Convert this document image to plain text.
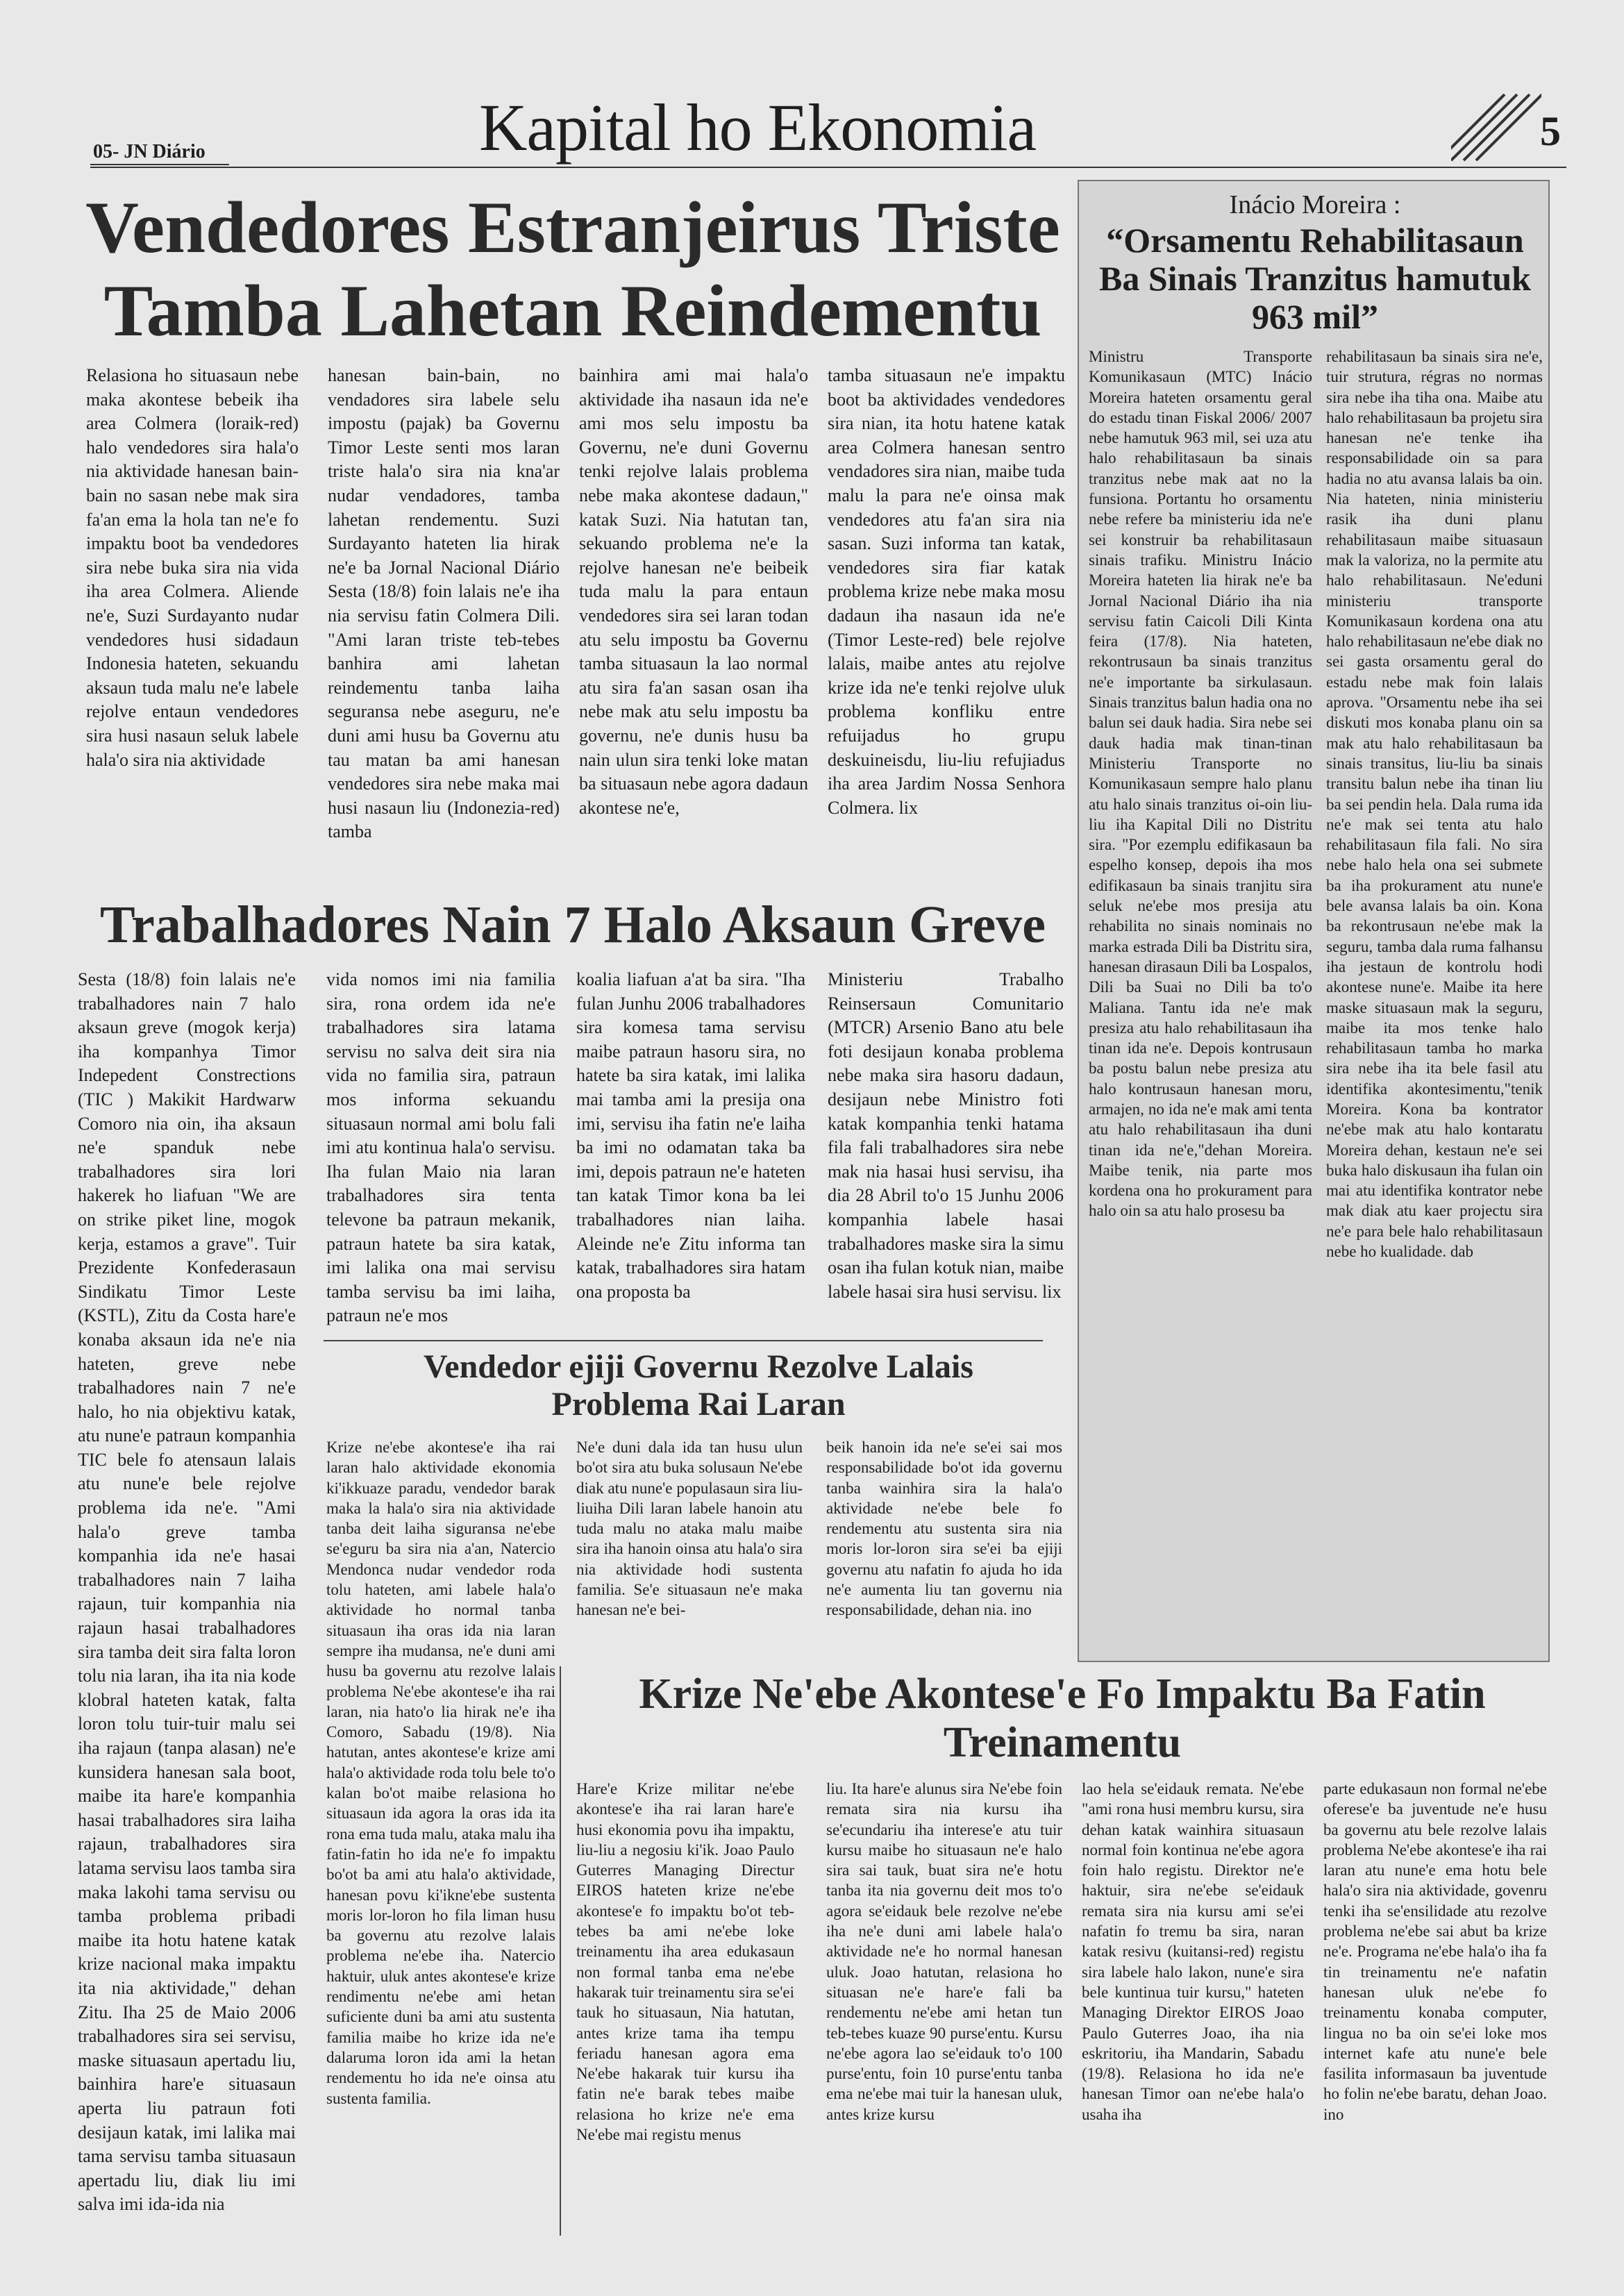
05- JN Diário	Kapital ho Ekonomia	5
Vendedores Estranjeirus Triste
Tamba Lahetan Reindementu
Relasiona ho situasaun nebe maka akontese bebeik iha area Colmera (loraik-red) halo vendedores sira hala'o nia aktividade hanesan bain-bain no sasan nebe mak sira fa'an ema la hola tan ne'e fo impaktu boot ba vendedores sira nebe buka sira nia vida iha area Colmera. Aliende ne'e, Suzi Surdayanto nudar vendedores husi sidadaun Indonesia hateten, sekuandu aksaun tuda malu ne'e labele rejolve entaun vendedores sira husi nasaun seluk labele hala'o sira nia aktividade
hanesan bain-bain, no vendadores sira labele selu impostu (pajak) ba Governu Timor Leste senti mos laran triste hala'o sira nia kna'ar nudar vendadores, tamba lahetan rendementu. Suzi Surdayanto hateten lia hirak ne'e ba Jornal Nacional Diário Sesta (18/8) foin lalais ne'e iha nia servisu fatin Colmera Dili. "Ami laran triste teb-tebes banhira ami lahetan reindementu tanba laiha seguransa nebe aseguru, ne'e duni ami husu ba Governu atu tau matan ba ami hanesan vendedores sira nebe maka mai husi nasaun liu (Indonezia-red) tamba
bainhira ami mai hala'o aktividade iha nasaun ida ne'e ami mos selu impostu ba Governu, ne'e duni Governu tenki rejolve lalais problema nebe maka akontese dadaun," katak Suzi. Nia hatutan tan, sekuando problema ne'e la rejolve hanesan ne'e beibeik tuda malu la para entaun vendedores sira sei laran todan atu selu impostu ba Governu tamba situasaun la lao normal atu sira fa'an sasan osan iha nebe mak atu selu impostu ba governu, ne'e dunis husu ba nain ulun sira tenki loke matan ba situasaun nebe agora dadaun akontese ne'e,
tamba situasaun ne'e impaktu boot ba aktividades vendedores sira nian, ita hotu hatene katak area Colmera hanesan sentro vendadores sira nian, maibe tuda malu la para ne'e oinsa mak vendedores atu fa'an sira nia sasan. Suzi informa tan katak, vendedores sira fiar katak problema krize nebe maka mosu dadaun iha nasaun ida ne'e (Timor Leste-red) bele rejolve lalais, maibe antes atu rejolve krize ida ne'e tenki rejolve uluk problema konfliku entre refuijadus ho grupu deskuineisdu, liu-liu refujiadus iha area Jardim Nossa Senhora Colmera. lix
Trabalhadores Nain 7 Halo Aksaun Greve
Sesta (18/8) foin lalais ne'e trabalhadores nain 7 halo aksaun greve (mogok kerja) iha kompanhya Timor Indepedent Constrections (TIC ) Makikit Hardwarw Comoro nia oin, iha aksaun ne'e spanduk nebe trabalhadores sira lori hakerek ho liafuan "We are on strike piket line, mogok kerja, estamos a grave". Tuir Prezidente Konfederasaun Sindikatu Timor Leste (KSTL), Zitu da Costa hare'e konaba aksaun ida ne'e nia hateten, greve nebe trabalhadores nain 7 ne'e halo, ho nia objektivu katak, atu nune'e patraun kompanhia TIC bele fo atensaun lalais atu nune'e bele rejolve problema ida ne'e. "Ami hala'o greve tamba kompanhia ida ne'e hasai trabalhadores nain 7 laiha rajaun, tuir kompanhia nia rajaun hasai trabalhadores sira tamba deit sira falta loron tolu nia laran, iha ita nia kode klobral hateten katak, falta loron tolu tuir-tuir malu sei iha rajaun (tanpa alasan) ne'e kunsidera hanesan sala boot, maibe ita hare'e kompanhia hasai trabalhadores sira laiha rajaun, trabalhadores sira latama servisu laos tamba sira maka lakohi tama servisu ou tamba problema pribadi maibe ita hotu hatene katak krize nacional maka impaktu ita nia aktividade," dehan Zitu. Iha 25 de Maio 2006 trabalhadores sira sei servisu, maske situasaun apertadu liu, bainhira hare'e situasaun aperta liu patraun foti desijaun katak, imi lalika mai tama servisu tamba situasaun apertadu liu, diak liu imi salva imi ida-ida nia
vida nomos imi nia familia sira, rona ordem ida ne'e trabalhadores sira latama servisu no salva deit sira nia vida no familia sira, patraun mos informa sekuandu situasaun normal ami bolu fali imi atu kontinua hala'o servisu. Iha fulan Maio nia laran trabalhadores sira tenta televone ba patraun mekanik, patraun hatete ba sira katak, imi lalika ona mai servisu tamba servisu ba imi laiha, patraun ne'e mos
koalia liafuan a'at ba sira. "Iha fulan Junhu 2006 trabalhadores sira komesa tama servisu maibe patraun hasoru sira, no hatete ba sira katak, imi lalika mai tamba ami la presija ona imi, servisu iha fatin ne'e laiha ba imi no odamatan taka ba imi, depois patraun ne'e hateten tan katak Timor kona ba lei trabalhadores nian laiha. Aleinde ne'e Zitu informa tan katak, trabalhadores sira hatam ona proposta ba
Ministeriu Trabalho Reinsersaun Comunitario (MTCR) Arsenio Bano atu bele foti desijaun konaba problema nebe maka sira hasoru dadaun, desijaun nebe Ministro foti katak kompanhia tenki hatama fila fali trabalhadores sira nebe mak nia hasai husi servisu, iha dia 28 Abril to'o 15 Junhu 2006 kompanhia labele hasai trabalhadores maske sira la simu osan iha fulan kotuk nian, maibe labele hasai sira husi servisu. lix
Vendedor ejiji Governu Rezolve Lalais
Problema Rai Laran
Krize ne'ebe akontese'e iha rai laran halo aktividade ekonomia ki'ikkuaze paradu, vendedor barak maka la hala'o sira nia aktividade tanba deit laiha siguransa ne'ebe se'eguru ba sira nia a'an, Natercio Mendonca nudar vendedor roda tolu hateten, ami labele hala'o aktividade ho normal tanba situasaun iha oras ida nia laran sempre iha mudansa, ne'e duni ami husu ba governu atu rezolve lalais problema Ne'ebe akontese'e iha rai laran, nia hato'o lia hirak ne'e iha Comoro, Sabadu (19/8). Nia hatutan, antes akontese'e krize ami hala'o aktividade roda tolu bele to'o kalan bo'ot maibe relasiona ho situasaun ida agora la oras ida ita rona ema tuda malu, ataka malu iha fatin-fatin ho ida ne'e fo impaktu bo'ot ba ami atu hala'o aktividade, hanesan povu ki'ikne'ebe sustenta moris lor-loron ho fila liman husu ba governu atu rezolve lalais problema ne'ebe iha. Natercio haktuir, uluk antes akontese'e krize rendimentu ne'ebe ami hetan suficiente duni ba ami atu sustenta familia maibe ho krize ida ne'e dalaruma loron ida ami la hetan rendementu ho ida ne'e oinsa atu sustenta familia.
Ne'e duni dala ida tan husu ulun bo'ot sira atu buka solusaun Ne'ebe diak atu nune'e populasaun sira liu-liuiha Dili laran labele hanoin atu tuda malu no ataka malu maibe sira iha hanoin oinsa atu hala'o sira nia aktividade hodi sustenta familia. Se'e situasaun ne'e maka hanesan ne'e bei-
beik hanoin ida ne'e se'ei sai mos responsabilidade bo'ot ida governu tanba wainhira sira la hala'o aktividade ne'ebe bele fo rendementu atu sustenta sira nia moris lor-loron sira se'ei ba ejiji governu atu nafatin fo ajuda ho ida ne'e aumenta liu tan governu nia responsabilidade, dehan nia. ino
Krize Ne'ebe Akontese'e Fo Impaktu Ba Fatin
Treinamentu
Hare'e Krize militar ne'ebe akontese'e iha rai laran hare'e husi ekonomia povu iha impaktu, liu-liu a negosiu ki'ik. Joao Paulo Guterres Managing Directur EIROS hateten krize ne'ebe akontese'e fo impaktu bo'ot teb-tebes ba ami ne'ebe loke treinamentu iha area edukasaun non formal tanba ema ne'ebe hakarak tuir treinamentu sira se'ei tauk ho situasaun, Nia hatutan, antes krize tama iha tempu feriadu hanesan agora ema Ne'ebe hakarak tuir kursu iha fatin ne'e barak tebes maibe relasiona ho krize ne'e ema Ne'ebe mai registu menus
liu. Ita hare'e alunus sira Ne'ebe foin remata sira nia kursu iha se'ecundariu iha interese'e atu tuir kursu maibe ho situasaun ne'e halo sira sai tauk, buat sira ne'e hotu tanba ita nia governu deit mos to'o agora se'eidauk bele rezolve ne'ebe iha ne'e duni ami labele hala'o aktividade ne'e ho normal hanesan uluk. Joao hatutan, relasiona ho situasan ne'e hare'e fali ba rendementu ne'ebe ami hetan tun teb-tebes kuaze 90 purse'entu. Kursu ne'ebe agora lao se'eidauk to'o 100 purse'entu, foin 10 purse'entu tanba ema ne'ebe mai tuir la hanesan uluk, antes krize kursu
lao hela se'eidauk remata. Ne'ebe "ami rona husi membru kursu, sira dehan katak wainhira situasaun normal foin kontinua ne'ebe agora foin halo registu. Direktor ne'e haktuir, sira ne'ebe se'eidauk remata sira nia kursu ami se'ei nafatin fo tremu ba sira, naran katak resivu (kuitansi-red) registu sira labele halo lakon, nune'e sira bele kuntinua tuir kursu," hateten Managing Direktor EIROS Joao Paulo Guterres Joao, iha nia eskritoriu, iha Mandarin, Sabadu (19/8). Relasiona ho ida ne'e hanesan Timor oan ne'ebe hala'o usaha iha
parte edukasaun non formal ne'ebe oferese'e ba juventude ne'e husu ba governu atu bele rezolve lalais problema Ne'ebe akontese'e iha rai laran atu nune'e ema hotu bele hala'o sira nia aktividade, govenru tenki iha se'ensilidade atu rezolve problema ne'ebe sai abut ba krize ne'e. Programa ne'ebe hala'o iha fa tin treinamentu ne'e nafatin hanesan uluk ne'ebe fo treinamentu konaba computer, lingua no ba oin se'ei loke mos internet kafe atu nune'e bele fasilita informasaun ba juventude ho folin ne'ebe baratu, dehan Joao. ino
Inácio Moreira :
“Orsamentu Rehabilitasaun Ba Sinais Tranzitus hamutuk 963 mil”
Ministru Transporte Komunikasaun (MTC) Inácio Moreira hateten orsamentu geral do estadu tinan Fiskal 2006/ 2007 nebe hamutuk 963 mil, sei uza atu halo rehabilitasaun ba sinais tranzitus nebe mak aat no la funsiona. Portantu ho orsamentu nebe refere ba ministeriu ida ne'e sei konstruir ba rehabilitasaun sinais trafiku. Ministru Inácio Moreira hateten lia hirak ne'e ba Jornal Nacional Diário iha nia servisu fatin Caicoli Dili Kinta feira (17/8). Nia hateten, rekontrusaun ba sinais tranzitus ne'e importante ba sirkulasaun. Sinais tranzitus balun hadia ona no balun sei dauk hadia. Sira nebe sei dauk hadia mak tinan-tinan Ministeriu Transporte no Komunikasaun sempre halo planu atu halo sinais tranzitus oi-oin liu-liu iha Kapital Dili no Distritu sira. "Por ezemplu edifikasaun ba espelho konsep, depois iha mos edifikasaun ba sinais tranjitu sira seluk ne'ebe mos presija atu rehabilita no sinais nominais no marka estrada Dili ba Distritu sira, hanesan dirasaun Dili ba Lospalos, Dili ba Suai no Dili ba to'o Maliana. Tantu ida ne'e mak presiza atu halo rehabilitasaun iha tinan ida ne'e. Depois kontrusaun ba postu balun nebe presiza atu halo kontrusaun hanesan moru, armajen, no ida ne'e mak ami tenta atu halo rehabilitasaun iha duni tinan ida ne'e,"dehan Moreira. Maibe tenik, nia parte mos kordena ona ho prokurament para halo oin sa atu halo prosesu ba
rehabilitasaun ba sinais sira ne'e, tuir strutura, régras no normas sira nebe iha tiha ona. Maibe atu halo rehabilitasaun ba projetu sira hanesan ne'e tenke iha responsabilidade oin sa para hadia no atu avansa lalais ba oin. Nia hateten, ninia ministeriu rasik iha duni planu rehabilitasaun maibe situasaun mak la valoriza, no la permite atu halo rehabilitasaun. Ne'eduni ministeriu transporte Komunikasaun kordena ona atu halo rehabilitasaun ne'ebe diak no sei gasta orsamentu geral do estadu nebe mak foin lalais aprova. "Orsamentu nebe iha sei diskuti mos konaba planu oin sa mak atu halo rehabilitasaun ba sinais transitus, liu-liu ba sinais transitu balun nebe iha tinan liu ba sei pendin hela. Dala ruma ida ne'e mak sei tenta atu halo rehabilitasaun fila fali. No sira nebe halo hela ona sei submete ba iha prokurament atu nune'e bele avansa lalais ba oin. Kona ba rekontrusaun ne'ebe mak la seguru, tamba dala ruma falhansu iha jestaun de kontrolu hodi akontese nune'e. Maibe ita here maske situasaun mak la seguru, maibe ita mos tenke halo rehabilitasaun tamba ho marka sira nebe iha ita bele fasil atu identifika akontesimentu,"tenik Moreira. Kona ba kontrator ne'ebe mak atu halo kontaratu Moreira dehan, kestaun ne'e sei buka halo diskusaun iha fulan oin mai atu identifika kontrator nebe mak diak atu kaer projectu sira ne'e para bele halo rehabilitasaun nebe ho kualidade. dab
